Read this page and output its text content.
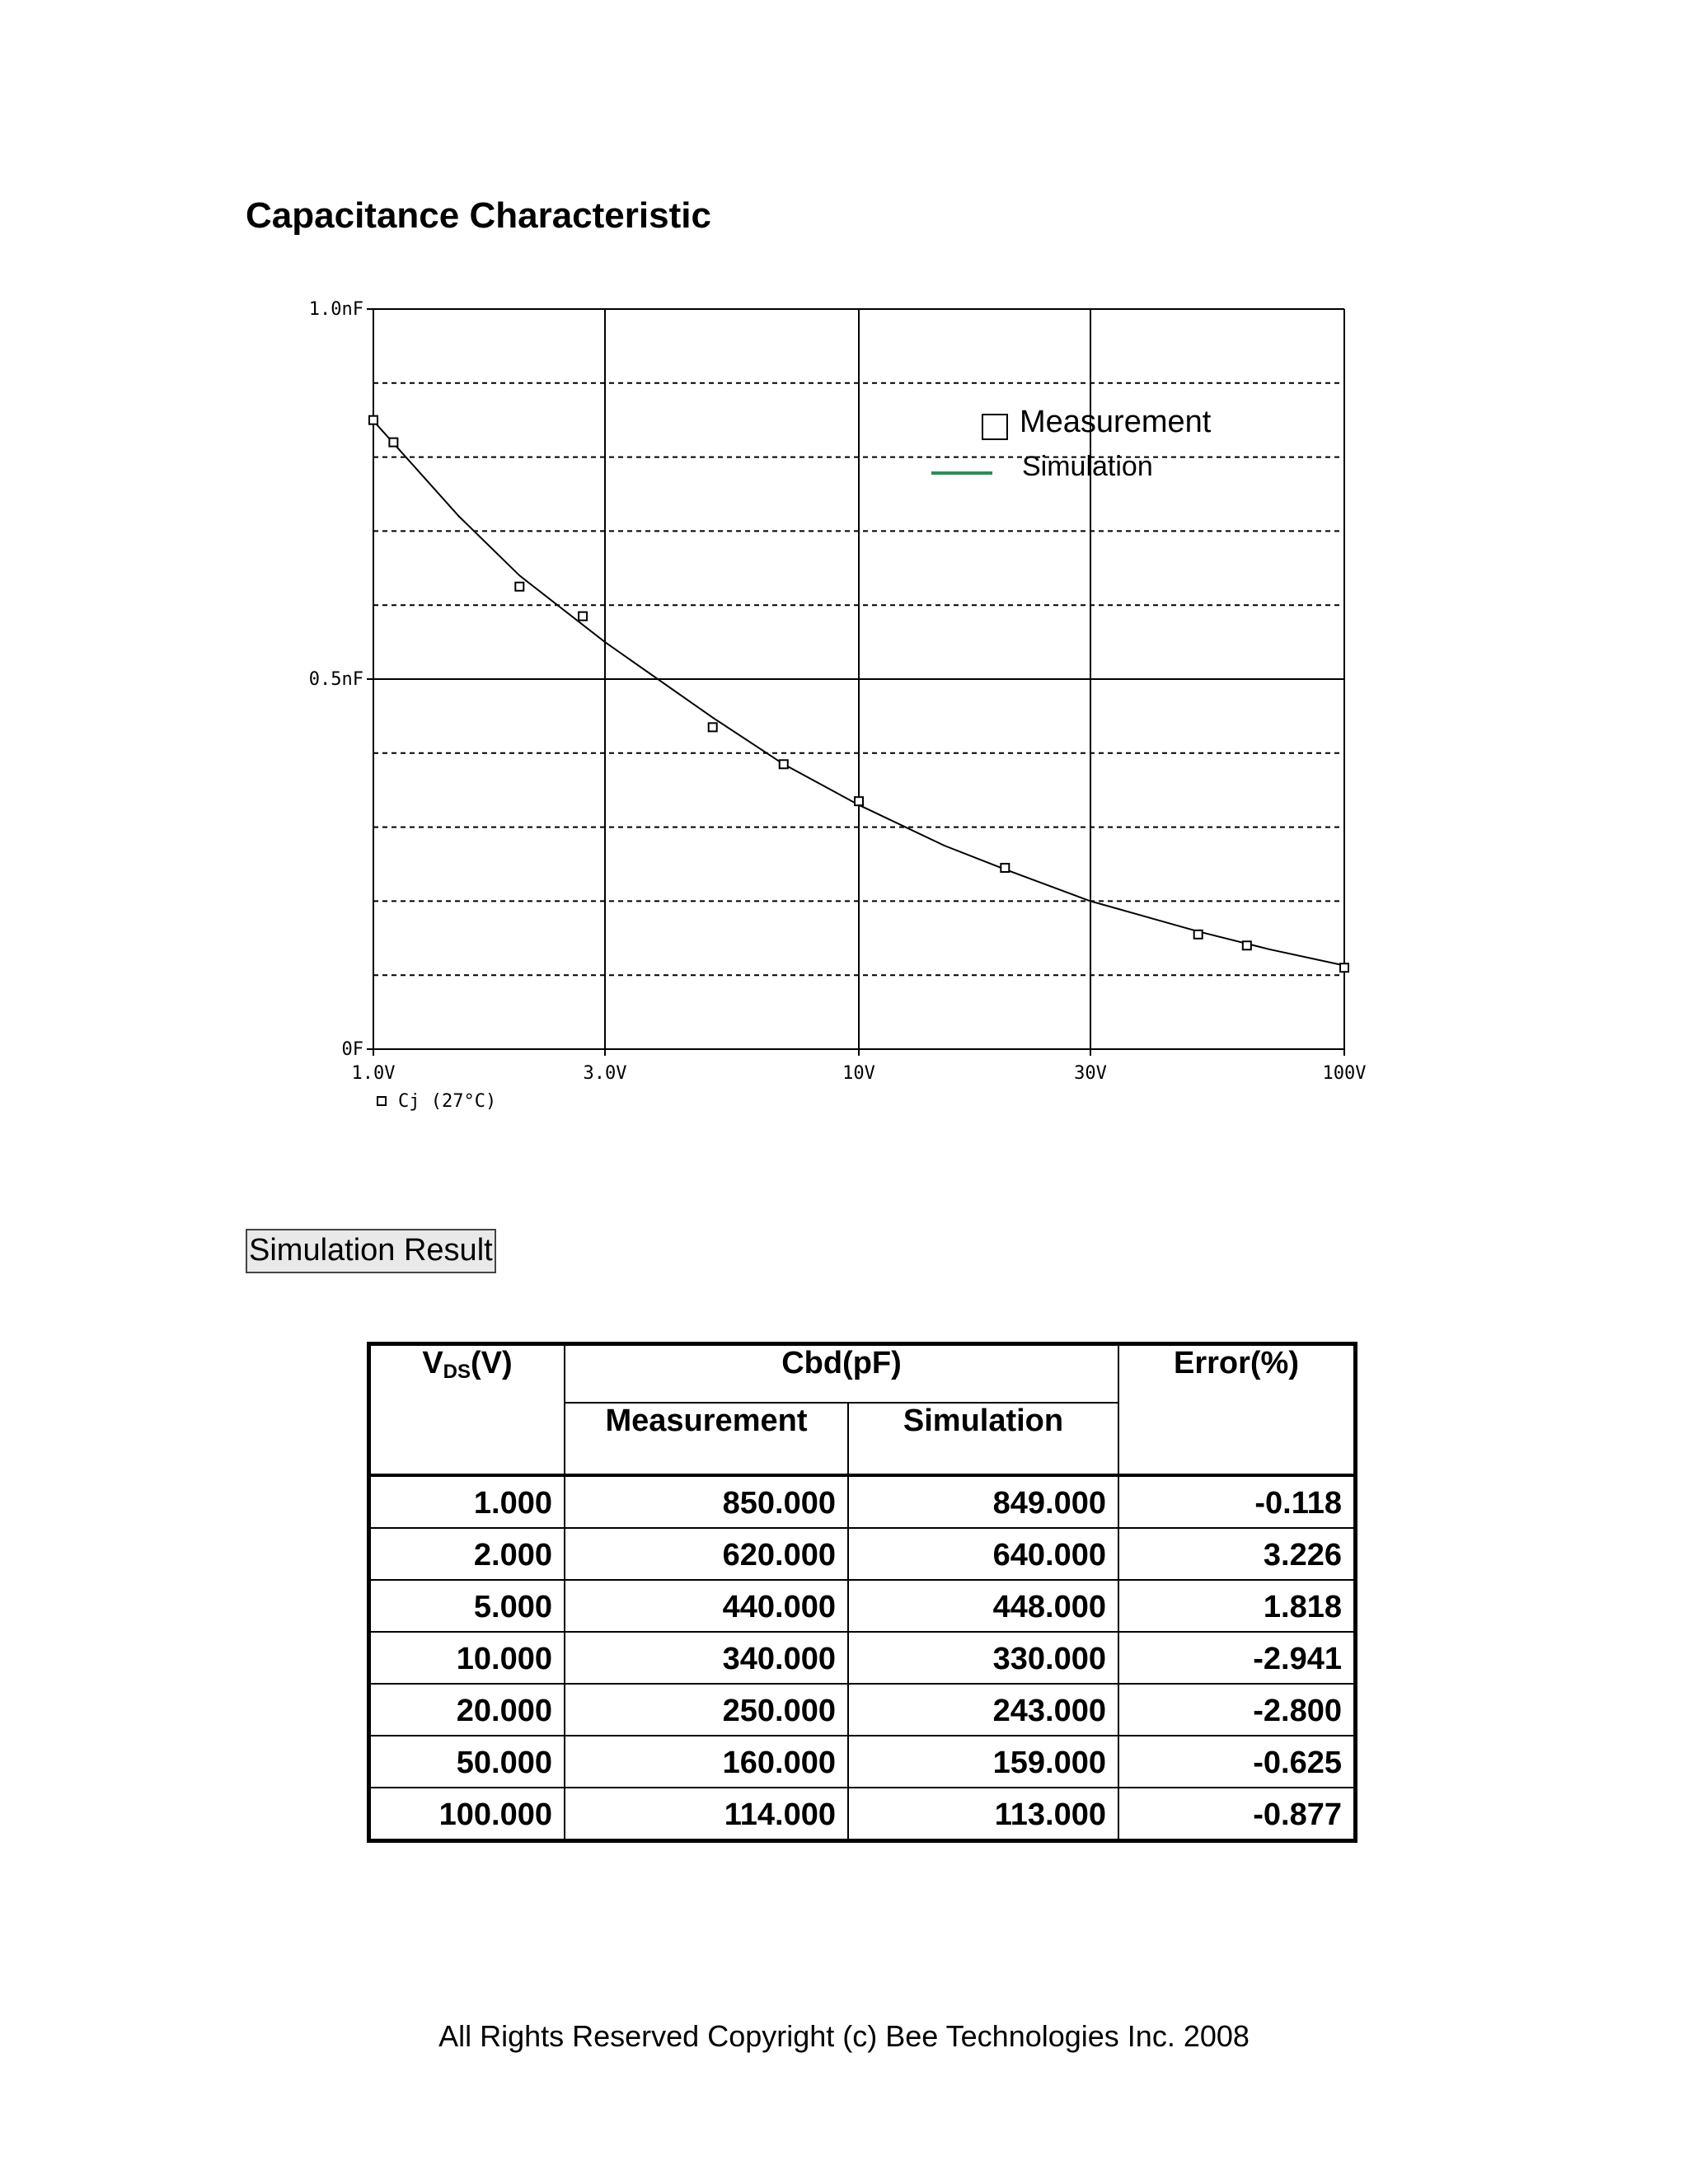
Capacitance Characteristic
1.0nF
0.5nF
0F
1.0V	3.0V	10V	30V	100V
Cj (27°C)
Measurement
Simulation
Simulation Result
$V_{DS}(V)$	Cbd(pF)		Error(%)
	Measurement	Simulation	
1.000	850.000	849.000	-0.118
2.000	620.000	640.000	3.226
5.000	440.000	448.000	1.818
10.000	340.000	330.000	-2.941
20.000	250.000	243.000	-2.800
50.000	160.000	159.000	-0.625
100.000	114.000	113.000	-0.877
All Rights Reserved Copyright (c) Bee Technologies Inc. 2008
